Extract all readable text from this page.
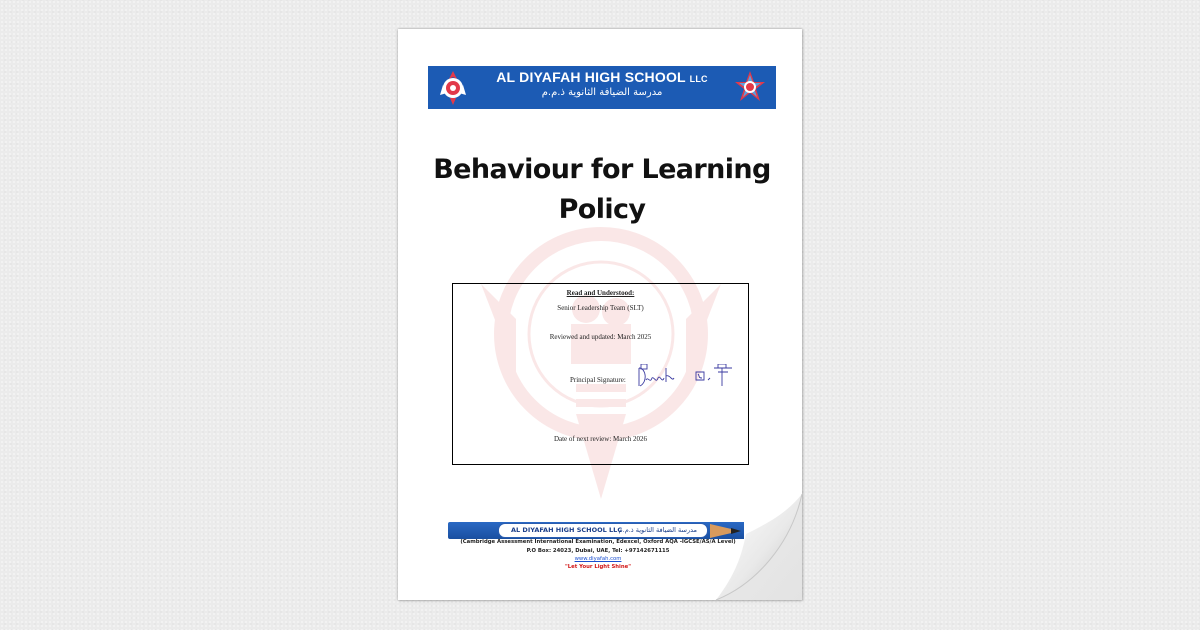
AL DIYAFAH HIGH SCHOOL LLC
مدرسة الضيافة الثانوية ذ.م.م
Behaviour for Learning
Policy
Read and Understood:
Senior Leadership Team (SLT)
Reviewed and updated: March 2025
Principal Signature:
Date of next review: March 2026
AL DIYAFAH HIGH SCHOOL LLC
مدرسة الضيافة الثانوية ذ.م.م
(Cambridge Assessment International Examination, Edexcel, Oxford AQA -IGCSE/AS/A Level)
P.O Box: 24023, Dubai, UAE, Tel: +97142671115
www.diyafah.com
"Let Your Light Shine"
